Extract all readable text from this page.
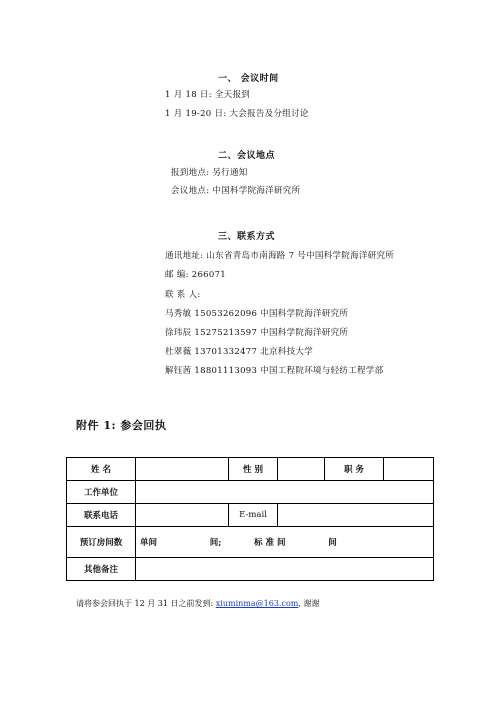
一、 会议时间
1 月 18 日: 全天报到
1 月 19-20 日: 大会报告及分组讨论
二、会议地点
报到地点: 另行通知
会议地点: 中国科学院海洋研究所
三、联系方式
通讯地址: 山东省青岛市南海路 7 号中国科学院海洋研究所
邮 编: 266071
联 系 人:
马秀敏 15053262096 中国科学院海洋研究所
徐玮辰 15275213597 中国科学院海洋研究所
杜翠薇 13701332477 北京科技大学
解钰茜 18801113093 中国工程院环境与轻纺工程学部
附件 1: 参会回执
姓 名		性 别		职 务	
工作单位					
联系电话		E-mail			
预订房间数	单间 间; 标 准 间 间				
其他备注					
请将参会回执于 12 月 31 日之前发到: xiuminma@163.com, 谢谢
